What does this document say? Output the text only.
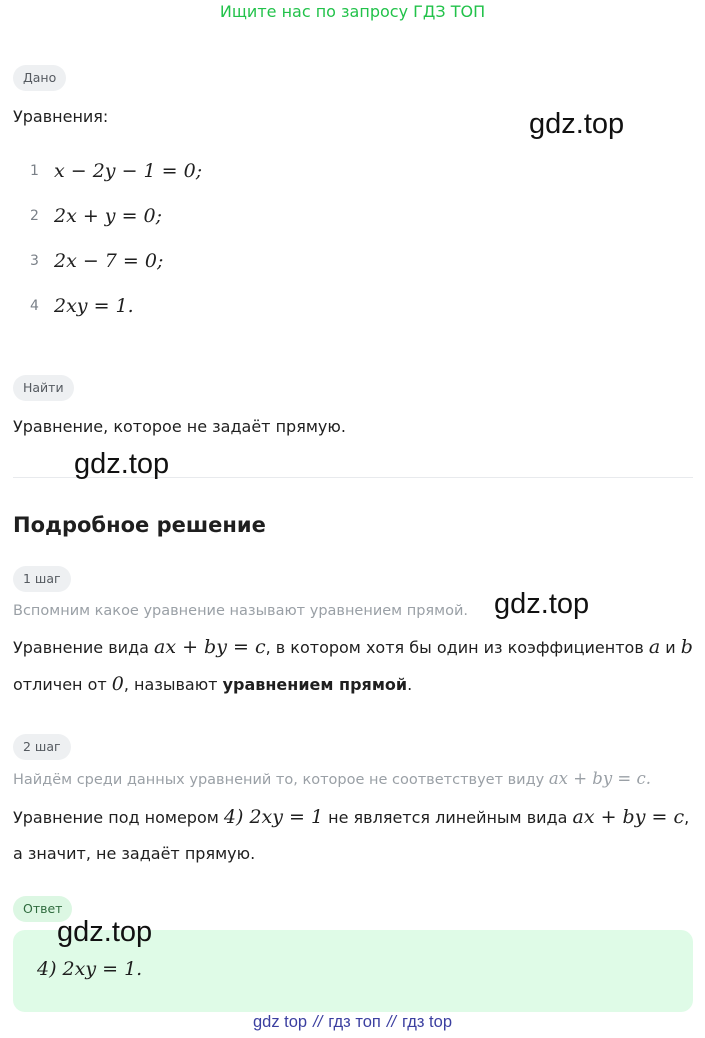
Ищите нас по запросу ГДЗ ТОП
Дано
Уравнения:
1 x − 2y − 1 = 0;
2 2x + y = 0;
3 2x − 7 = 0;
4 2xy = 1.
Найти
Уравнение, которое не задаёт прямую.
Подробное решение
1 шаг
Вспомним какое уравнение называют уравнением прямой.
Уравнение вида ax + by = c, в котором хотя бы один из коэффициентов a и b
отличен от 0, называют уравнением прямой.
2 шаг
Найдём среди данных уравнений то, которое не соответствует виду ax + by = c.
Уравнение под номером 4) 2xy = 1 не является линейным вида ax + by = c,
а значит, не задаёт прямую.
Ответ
4) 2xy = 1.
gdz.top
gdz.top
gdz.top
gdz.top
gdz top // гдз топ // гдз top
